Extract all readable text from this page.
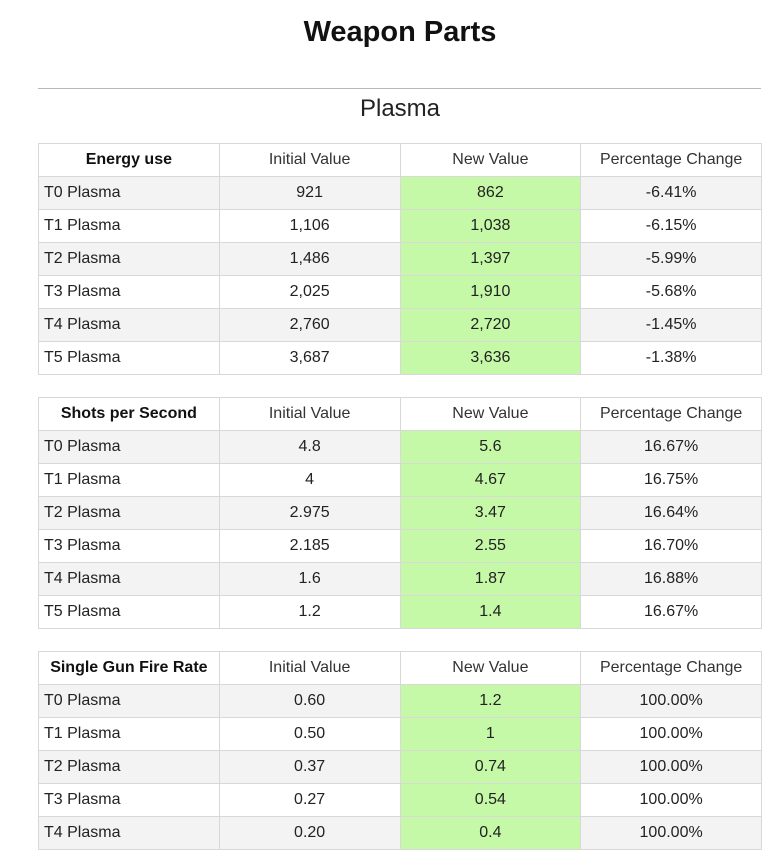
Weapon Parts
Plasma
Energy use	Initial Value	New Value	Percentage Change
T0 Plasma	921	862	-6.41%
T1 Plasma	1,106	1,038	-6.15%
T2 Plasma	1,486	1,397	-5.99%
T3 Plasma	2,025	1,910	-5.68%
T4 Plasma	2,760	2,720	-1.45%
T5 Plasma	3,687	3,636	-1.38%
Shots per Second	Initial Value	New Value	Percentage Change
T0 Plasma	4.8	5.6	16.67%
T1 Plasma	4	4.67	16.75%
T2 Plasma	2.975	3.47	16.64%
T3 Plasma	2.185	2.55	16.70%
T4 Plasma	1.6	1.87	16.88%
T5 Plasma	1.2	1.4	16.67%
Single Gun Fire Rate	Initial Value	New Value	Percentage Change
T0 Plasma	0.60	1.2	100.00%
T1 Plasma	0.50	1	100.00%
T2 Plasma	0.37	0.74	100.00%
T3 Plasma	0.27	0.54	100.00%
T4 Plasma	0.20	0.4	100.00%
